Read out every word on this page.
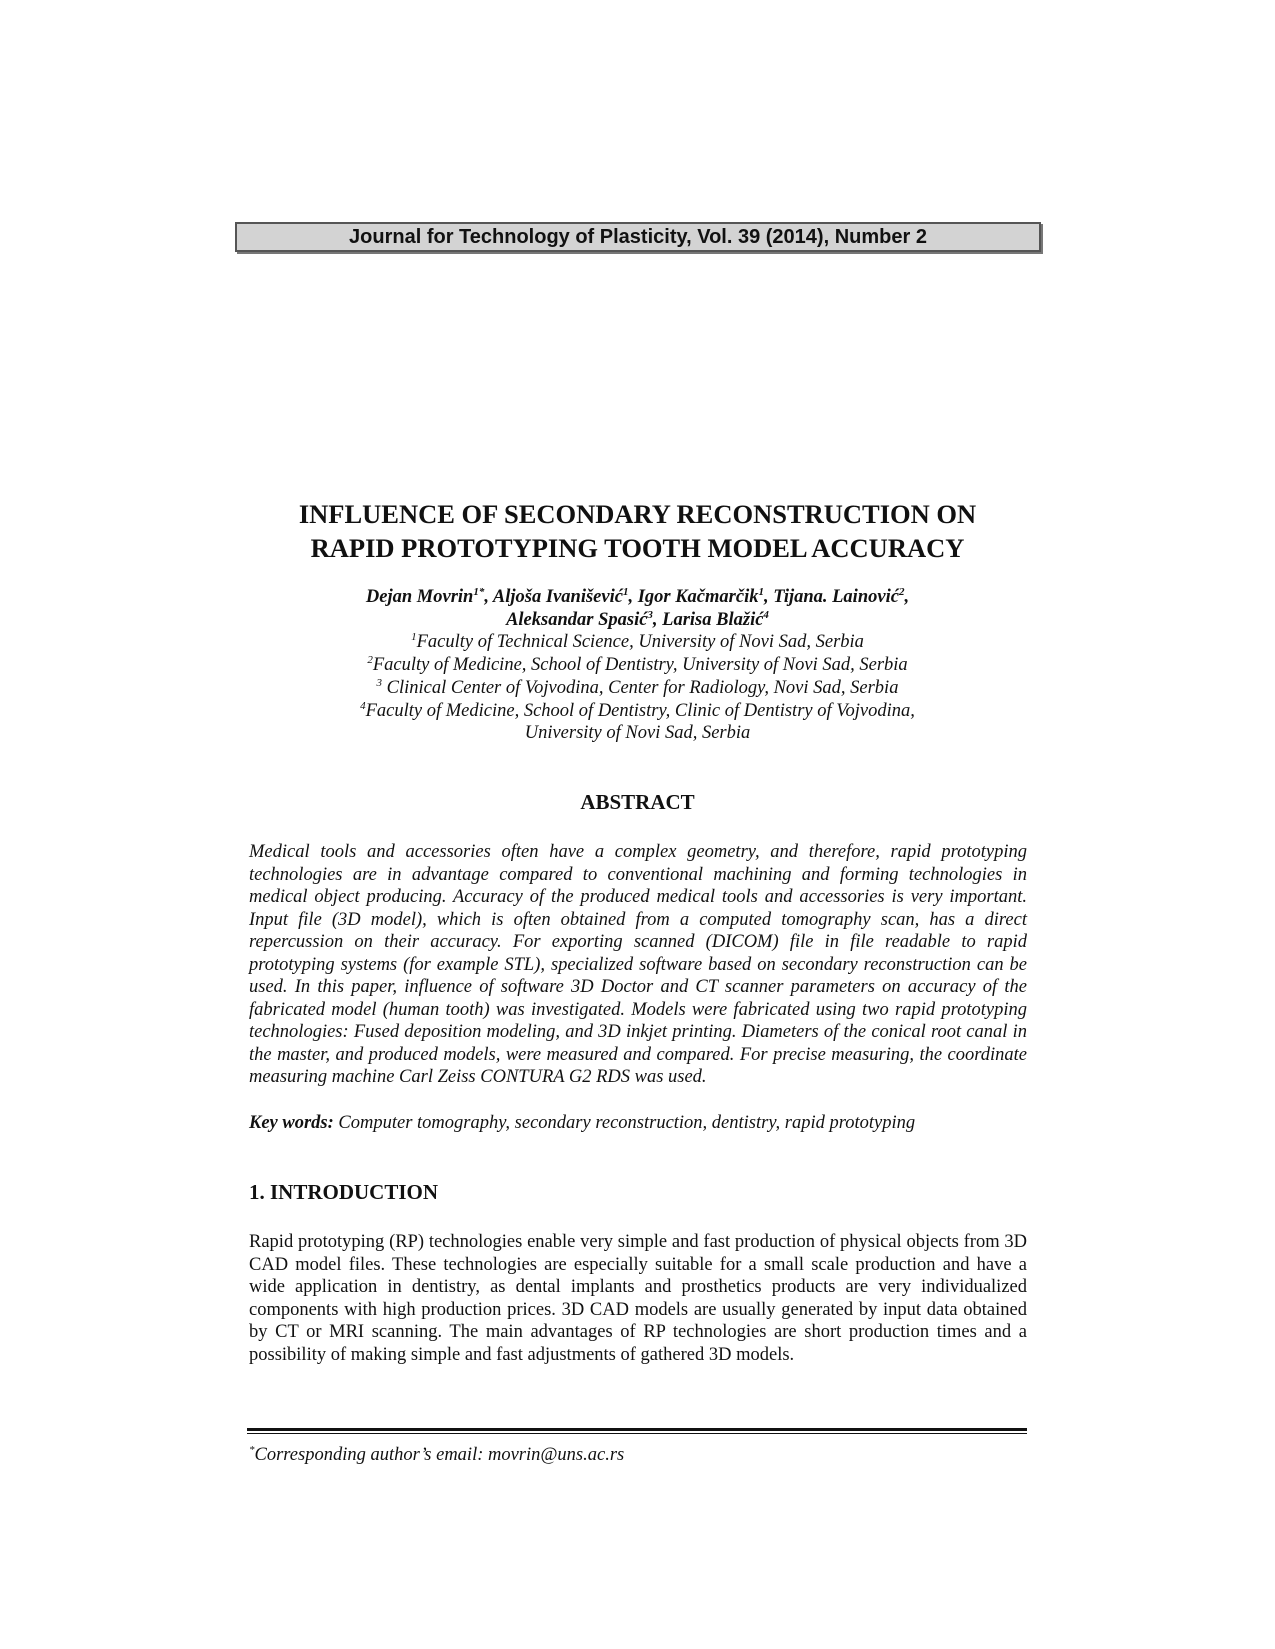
Journal for Technology of Plasticity, Vol. 39 (2014), Number 2
INFLUENCE OF SECONDARY RECONSTRUCTION ON
RAPID PROTOTYPING TOOTH MODEL ACCURACY
Dejan Movrin$^{1*}$, Aljoša Ivanišević$^1$, Igor Kačmarčik$^1$, Tijana. Lainović$^2$,
Aleksandar Spasić$^3$, Larisa Blažić$^4$
$^1$Faculty of Technical Science, University of Novi Sad, Serbia
$^2$Faculty of Medicine, School of Dentistry, University of Novi Sad, Serbia
$^3$ Clinical Center of Vojvodina, Center for Radiology, Novi Sad, Serbia
$^4$Faculty of Medicine, School of Dentistry, Clinic of Dentistry of Vojvodina,
University of Novi Sad, Serbia
ABSTRACT

Medical tools and accessories often have a complex geometry, and therefore, rapid prototyping technologies are in advantage compared to conventional machining and forming technologies in medical object producing. Accuracy of the produced medical tools and accessories is very important. Input file (3D model), which is often obtained from a computed tomography scan, has a direct repercussion on their accuracy. For exporting scanned (DICOM) file in file readable to rapid prototyping systems (for example STL), specialized software based on secondary reconstruction can be used. In this paper, influence of software 3D Doctor and CT scanner parameters on accuracy of the fabricated model (human tooth) was investigated. Models were fabricated using two rapid prototyping technologies: Fused deposition modeling, and 3D inkjet printing. Diameters of the conical root canal in the master, and produced models, were measured and compared. For precise measuring, the coordinate measuring machine Carl Zeiss CONTURA G2 RDS was used.

Key words: Computer tomography, secondary reconstruction, dentistry, rapid prototyping

1. INTRODUCTION

Rapid prototyping (RP) technologies enable very simple and fast production of physical objects from 3D CAD model files. These technologies are especially suitable for a small scale production and have a wide application in dentistry, as dental implants and prosthetics products are very individualized components with high production prices. 3D CAD models are usually generated by input data obtained by CT or MRI scanning. The main advantages of RP technologies are short production times and a possibility of making simple and fast adjustments of gathered 3D models.

*Corresponding author’s email: movrin@uns.ac.rs
